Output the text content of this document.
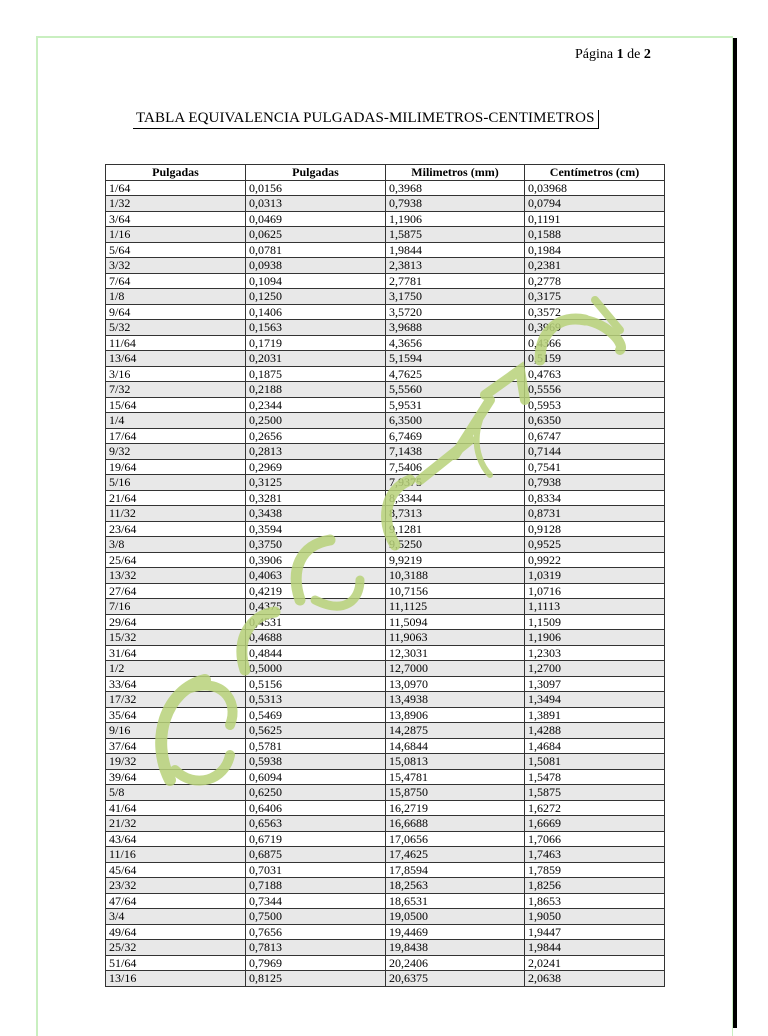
Página 1 de 2
TABLA EQUIVALENCIA PULGADAS-MILIMETROS-CENTIMETROS
Pulgadas	Pulgadas	Milimetros (mm)	Centímetros (cm)
1/64	0,0156	0,3968	0,03968
1/32	0,0313	0,7938	0,0794
3/64	0,0469	1,1906	0,1191
1/16	0,0625	1,5875	0,1588
5/64	0,0781	1,9844	0,1984
3/32	0,0938	2,3813	0,2381
7/64	0,1094	2,7781	0,2778
1/8	0,1250	3,1750	0,3175
9/64	0,1406	3,5720	0,3572
5/32	0,1563	3,9688	0,3969
11/64	0,1719	4,3656	0,4366
13/64	0,2031	5,1594	0,5159
3/16	0,1875	4,7625	0,4763
7/32	0,2188	5,5560	0,5556
15/64	0,2344	5,9531	0,5953
1/4	0,2500	6,3500	0,6350
17/64	0,2656	6,7469	0,6747
9/32	0,2813	7,1438	0,7144
19/64	0,2969	7,5406	0,7541
5/16	0,3125	7,9375	0,7938
21/64	0,3281	8,3344	0,8334
11/32	0,3438	8,7313	0,8731
23/64	0,3594	9,1281	0,9128
3/8	0,3750	9,5250	0,9525
25/64	0,3906	9,9219	0,9922
13/32	0,4063	10,3188	1,0319
27/64	0,4219	10,7156	1,0716
7/16	0,4375	11,1125	1,1113
29/64	0,4531	11,5094	1,1509
15/32	0,4688	11,9063	1,1906
31/64	0,4844	12,3031	1,2303
1/2	0,5000	12,7000	1,2700
33/64	0,5156	13,0970	1,3097
17/32	0,5313	13,4938	1,3494
35/64	0,5469	13,8906	1,3891
9/16	0,5625	14,2875	1,4288
37/64	0,5781	14,6844	1,4684
19/32	0,5938	15,0813	1,5081
39/64	0,6094	15,4781	1,5478
5/8	0,6250	15,8750	1,5875
41/64	0,6406	16,2719	1,6272
21/32	0,6563	16,6688	1,6669
43/64	0,6719	17,0656	1,7066
11/16	0,6875	17,4625	1,7463
45/64	0,7031	17,8594	1,7859
23/32	0,7188	18,2563	1,8256
47/64	0,7344	18,6531	1,8653
3/4	0,7500	19,0500	1,9050
49/64	0,7656	19,4469	1,9447
25/32	0,7813	19,8438	1,9844
51/64	0,7969	20,2406	2,0241
13/16	0,8125	20,6375	2,0638
